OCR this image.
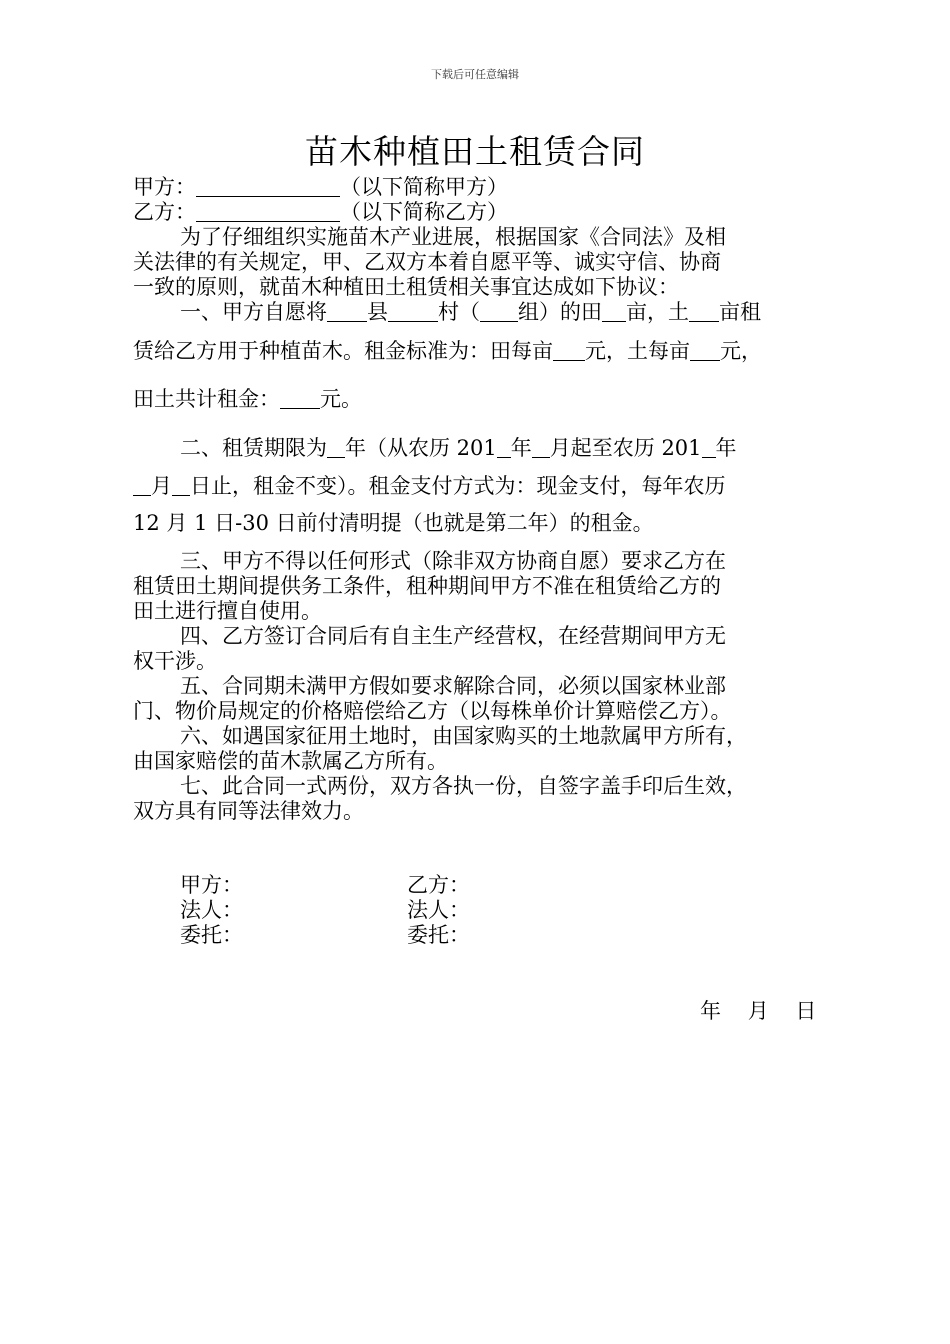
下载后可任意编辑
苗木种植田土租赁合同
甲方：	（以下简称甲方）
乙方：	（以下简称乙方）
为了仔细组织实施苗木产业进展，根据国家《合同法》及相
关法律的有关规定，甲、乙双方本着自愿平等、诚实守信、协商
一致的原则，就苗木种植田土租赁相关事宜达成如下协议：
一、甲方自愿将 县 村（ 组）的田 亩，土 亩租
赁给乙方用于种植苗木。租金标准为：田每亩 元，土每亩 元，
田土共计租金： 元。
二、租赁期限为 年（从农历 201 年 月起至农历 201 年
月 日止，租金不变）。租金支付方式为：现金支付，每年农历
12 月 1 日-30 日前付清明提（也就是第二年）的租金。
三、甲方不得以任何形式（除非双方协商自愿）要求乙方在
租赁田土期间提供务工条件，租种期间甲方不准在租赁给乙方的
田土进行擅自使用。
四、乙方签订合同后有自主生产经营权，在经营期间甲方无
权干涉。
五、合同期未满甲方假如要求解除合同，必须以国家林业部
门、物价局规定的价格赔偿给乙方（以每株单价计算赔偿乙方）。
六、如遇国家征用土地时，由国家购买的土地款属甲方所有，
由国家赔偿的苗木款属乙方所有。
七、此合同一式两份，双方各执一份，自签字盖手印后生效，
双方具有同等法律效力。
甲方：
法人：
委托：
乙方：
法人：
委托：
年    月    日
